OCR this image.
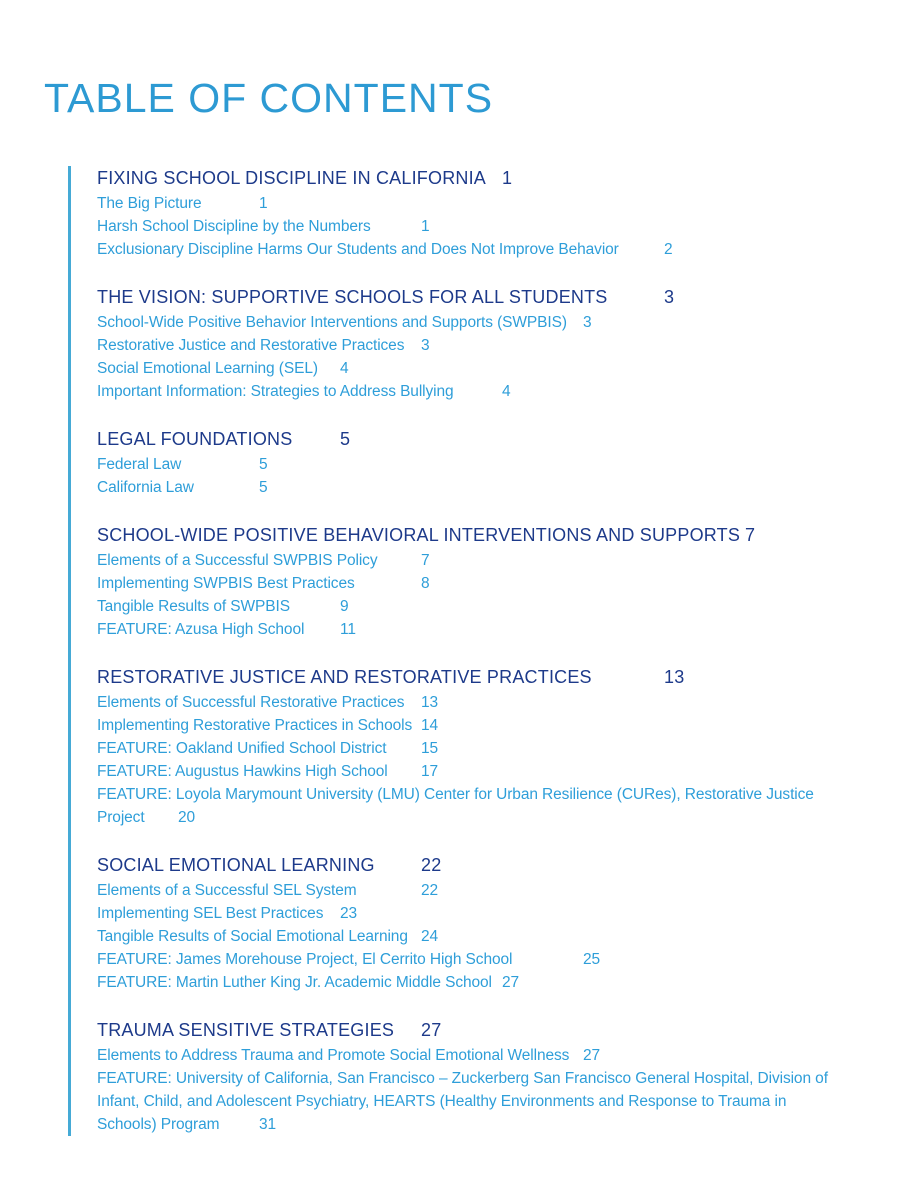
TABLE OF CONTENTS
FIXING SCHOOL DISCIPLINE IN CALIFORNIA	1
The Big Picture		1
Harsh School Discipline by the Numbers		1
Exclusionary Discipline Harms Our Students and Does Not Improve Behavior		2
THE VISION: SUPPORTIVE SCHOOLS FOR ALL STUDENTS		3
School-Wide Positive Behavior Interventions and Supports (SWPBIS)	3
Restorative Justice and Restorative Practices	3
Social Emotional Learning (SEL)	4
Important Information: Strategies to Address Bullying		4
LEGAL FOUNDATIONS		5
Federal Law		5
California Law		5
SCHOOL-WIDE POSITIVE BEHAVIORAL INTERVENTIONS AND SUPPORTS	7
Elements of a Successful SWPBIS Policy		7
Implementing SWPBIS Best Practices		8
Tangible Results of SWPBIS		9
FEATURE: Azusa High School	11
RESTORATIVE JUSTICE AND RESTORATIVE PRACTICES		13
Elements of Successful Restorative Practices	13
Implementing Restorative Practices in Schools	14
FEATURE: Oakland Unified School District	15
FEATURE: Augustus Hawkins High School	17
FEATURE: Loyola Marymount University (LMU) Center for Urban Resilience (CURes), Restorative Justice Project	20
SOCIAL EMOTIONAL LEARNING		22
Elements of a Successful SEL System		22
Implementing SEL Best Practices	23
Tangible Results of Social Emotional Learning	24
FEATURE: James Morehouse Project, El Cerrito High School		25
FEATURE: Martin Luther King Jr. Academic Middle School	27
TRAUMA SENSITIVE STRATEGIES	27
Elements to Address Trauma and Promote Social Emotional Wellness	27
FEATURE: University of California, San Francisco – Zuckerberg San Francisco General Hospital, Division of Infant, Child, and Adolescent Psychiatry, HEARTS (Healthy Environments and Response to Trauma in Schools) Program		31
